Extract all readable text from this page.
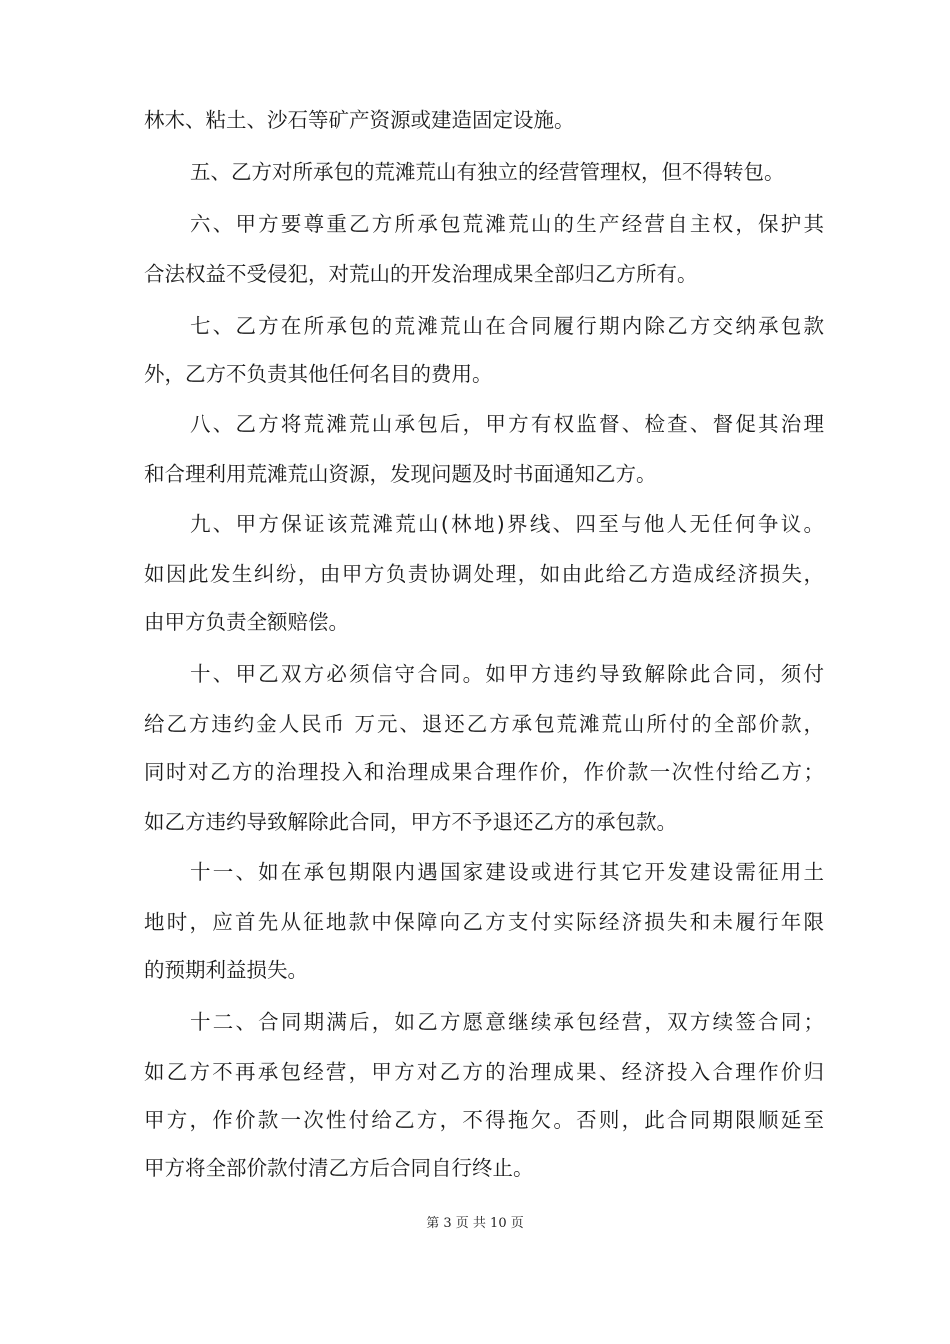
林木、粘土、沙石等矿产资源或建造固定设施。
五、乙方对所承包的荒滩荒山有独立的经营管理权，但不得转包。
六、甲方要尊重乙方所承包荒滩荒山的生产经营自主权，保护其
合法权益不受侵犯，对荒山的开发治理成果全部归乙方所有。
七、乙方在所承包的荒滩荒山在合同履行期内除乙方交纳承包款
外，乙方不负责其他任何名目的费用。
八、乙方将荒滩荒山承包后，甲方有权监督、检查、督促其治理
和合理利用荒滩荒山资源，发现问题及时书面通知乙方。
九、甲方保证该荒滩荒山(林地)界线、四至与他人无任何争议。
如因此发生纠纷，由甲方负责协调处理，如由此给乙方造成经济损失，
由甲方负责全额赔偿。
十、甲乙双方必须信守合同。如甲方违约导致解除此合同，须付
给乙方违约金人民币 万元、退还乙方承包荒滩荒山所付的全部价款，
同时对乙方的治理投入和治理成果合理作价，作价款一次性付给乙方；
如乙方违约导致解除此合同，甲方不予退还乙方的承包款。
十一、如在承包期限内遇国家建设或进行其它开发建设需征用土
地时，应首先从征地款中保障向乙方支付实际经济损失和未履行年限
的预期利益损失。
十二、合同期满后，如乙方愿意继续承包经营，双方续签合同；
如乙方不再承包经营，甲方对乙方的治理成果、经济投入合理作价归
甲方，作价款一次性付给乙方，不得拖欠。否则，此合同期限顺延至
甲方将全部价款付清乙方后合同自行终止。
第 3 页 共 10 页
